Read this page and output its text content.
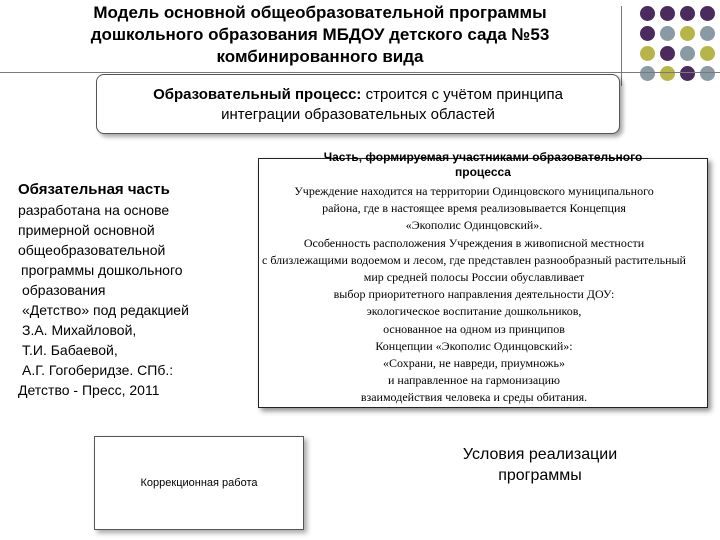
Модель основной общеобразовательной программы
дошкольного образования МБДОУ детского сада №53
комбинированного вида
Образовательный процесс: строится с учётом принципа
интеграции образовательных областей
Обязательная часть
разработана на основе
примерной основной
общеобразовательной
программы дошкольного
образования
«Детство» под редакцией
З.А. Михайловой,
Т.И. Бабаевой,
А.Г. Гогоберидзе. СПб.:
Детство - Пресс, 2011
Часть, формируемая участниками образовательного
процесса
Учреждение находится на территории Одинцовского муниципального
района, где в настоящее время реализовывается Концепция
«Экополис Одинцовский».
Особенность расположения Учреждения в живописной местности
с близлежащими водоемом и лесом, где представлен разнообразный растительный
мир средней полосы России обуславливает
выбор приоритетного направления деятельности ДОУ:
экологическое воспитание дошкольников,
основанное на одном из принципов
Концепции «Экополис Одинцовский»:
«Сохрани, не навреди, приумножь»
и направленное на гармонизацию
взаимодействия человека и среды обитания.
Коррекционная работа
Условия реализации
программы
